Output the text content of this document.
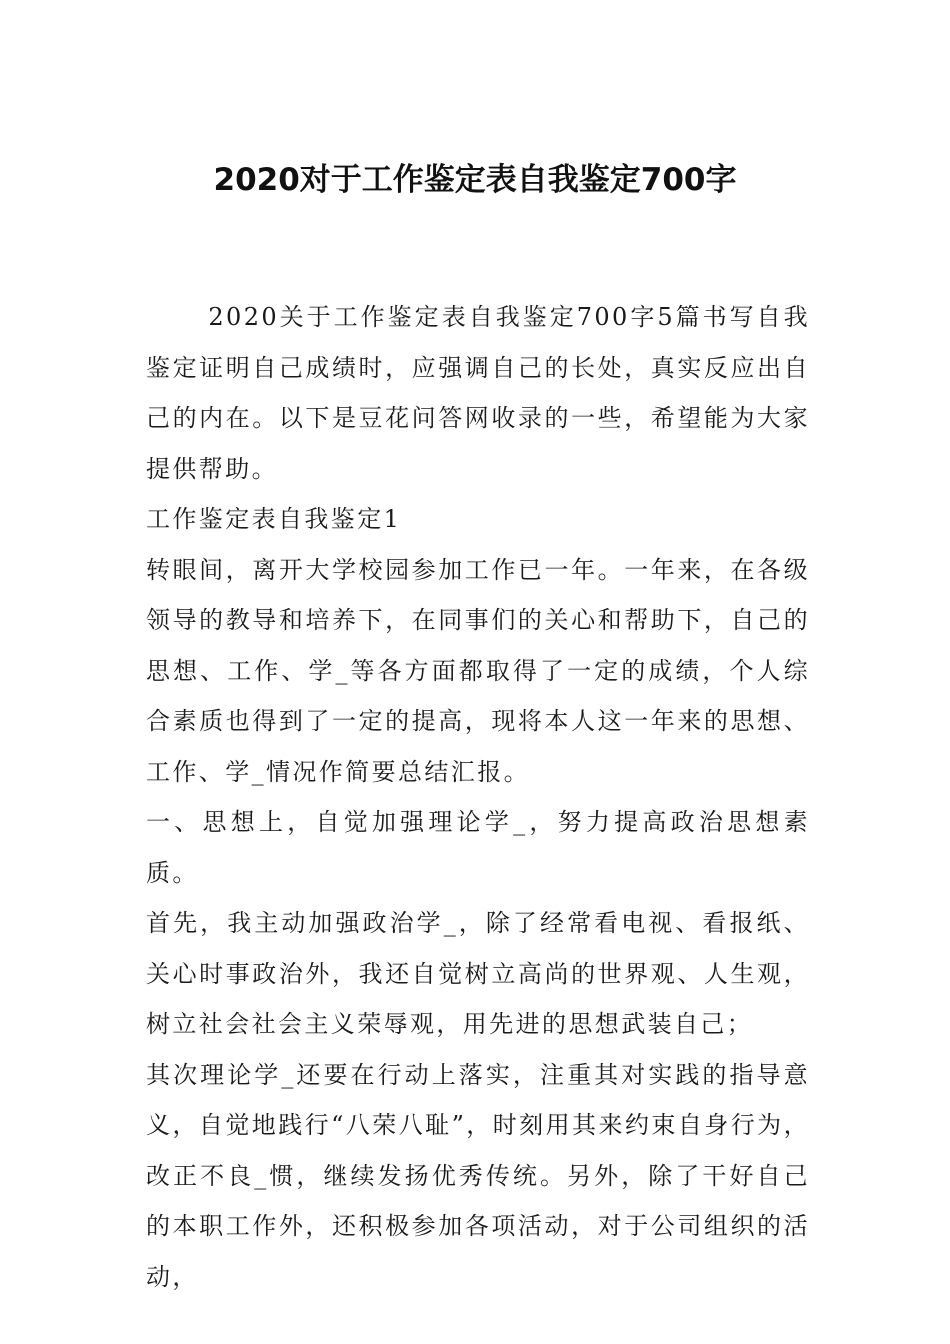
2020对于工作鉴定表自我鉴定700字

2020关于工作鉴定表自我鉴定700字5篇书写自我鉴定证明自己成绩时，应强调自己的长处，真实反应出自己的内在。以下是豆花问答网收录的一些，希望能为大家提供帮助。

工作鉴定表自我鉴定1

转眼间，离开大学校园参加工作已一年。一年来，在各级领导的教导和培养下，在同事们的关心和帮助下，自己的思想、工作、学_等各方面都取得了一定的成绩，个人综合素质也得到了一定的提高，现将本人这一年来的思想、工作、学_情况作简要总结汇报。

一、思想上，自觉加强理论学_，努力提高政治思想素质。

首先，我主动加强政治学_，除了经常看电视、看报纸、关心时事政治外，我还自觉树立高尚的世界观、人生观，树立社会社会主义荣辱观，用先进的思想武装自己；

其次理论学_还要在行动上落实，注重其对实践的指导意义，自觉地践行“八荣八耻”，时刻用其来约束自身行为，改正不良_惯，继续发扬优秀传统。另外，除了干好自己的本职工作外，还积极参加各项活动，对于公司组织的活动，
